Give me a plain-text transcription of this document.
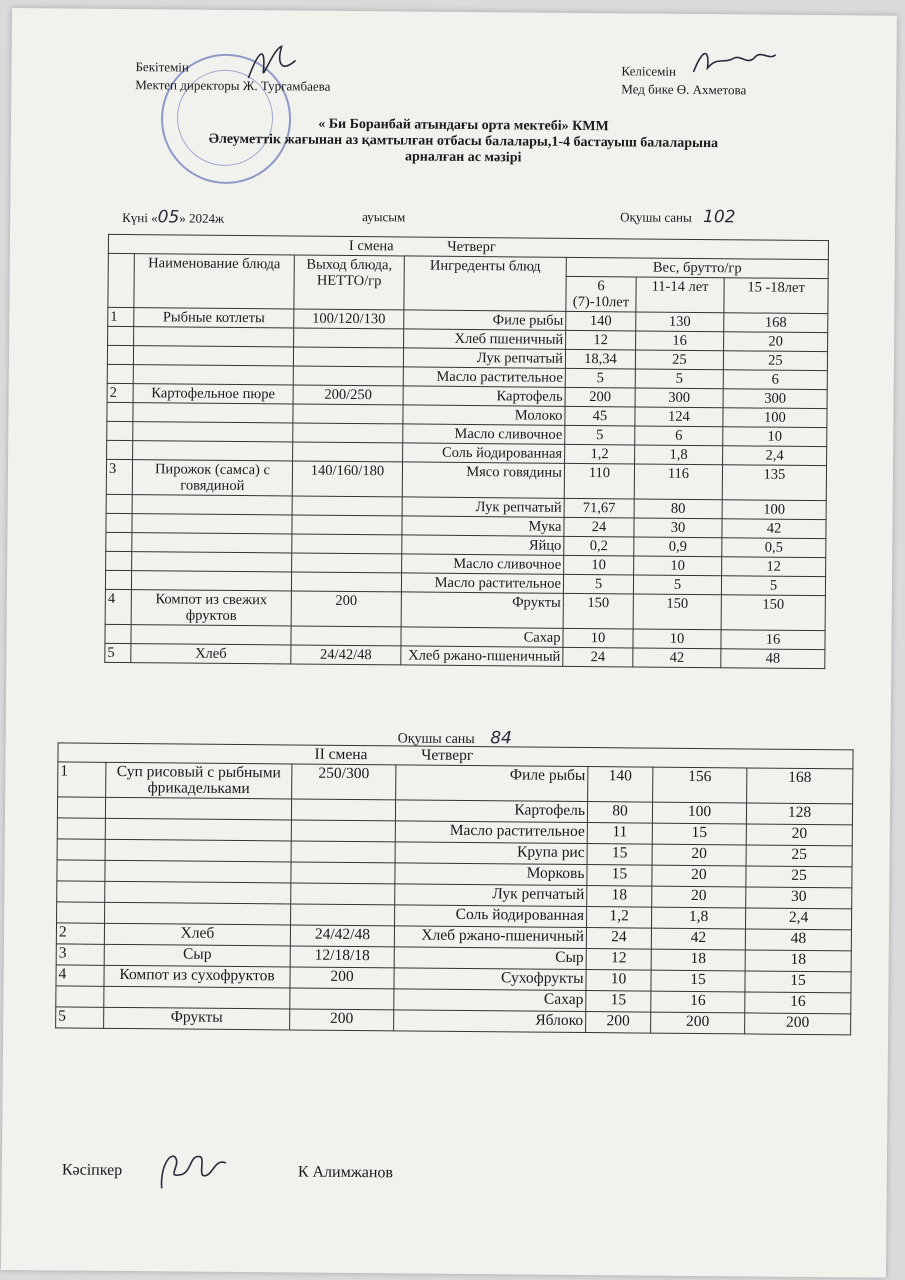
Бекітемін
Мектеп директоры Ж. Тургамбаева
Келісемін
Мед бике Ө. Ахметова
« Би Боранбай атындағы орта мектебі» КММ
Әлеуметтік жағынан аз қамтылған отбасы балалары,1-4 бастауыш балаларына
арналған ас мәзірі
Күні «05» 2024ж	ауысым	Оқушы саны 102
I смена Четверг						
	Наименование блюда	Выход блюда, НЕТТО/гр	Ингреденты блюд	Вес, брутто/гр		
				6 (7)-10лет	11-14 лет	15 -18лет
1	Рыбные котлеты	100/120/130	Филе рыбы	140	130	168
			Хлеб пшеничный	12	16	20
			Лук репчатый	18,34	25	25
			Масло растительное	5	5	6
2	Картофельное пюре	200/250	Картофель	200	300	300
			Молоко	45	124	100
			Масло сливочное	5	6	10
			Соль йодированная	1,2	1,8	2,4
3	Пирожок (самса) с говядиной	140/160/180	Мясо говядины	110	116	135
			Лук репчатый	71,67	80	100
			Мука	24	30	42
			Яйцо	0,2	0,9	0,5
			Масло сливочное	10	10	12
			Масло растительное	5	5	5
4	Компот из свежих фруктов	200	Фрукты	150	150	150
			Сахар	10	10	16
5	Хлеб	24/42/48	Хлеб ржано-пшеничный	24	42	48
Оқушы саны 84
II смена Четверг						
1	Суп рисовый с рыбными фрикадельками	250/300	Филе рыбы	140	156	168
			Картофель	80	100	128
			Масло растительное	11	15	20
			Крупа рис	15	20	25
			Морковь	15	20	25
			Лук репчатый	18	20	30
			Соль йодированная	1,2	1,8	2,4
2	Хлеб	24/42/48	Хлеб ржано-пшеничный	24	42	48
3	Сыр	12/18/18	Сыр	12	18	18
4	Компот из сухофруктов	200	Сухофрукты	10	15	15
			Сахар	15	16	16
5	Фрукты	200	Яблоко	200	200	200
Кәсіпкер	К Алимжанов
